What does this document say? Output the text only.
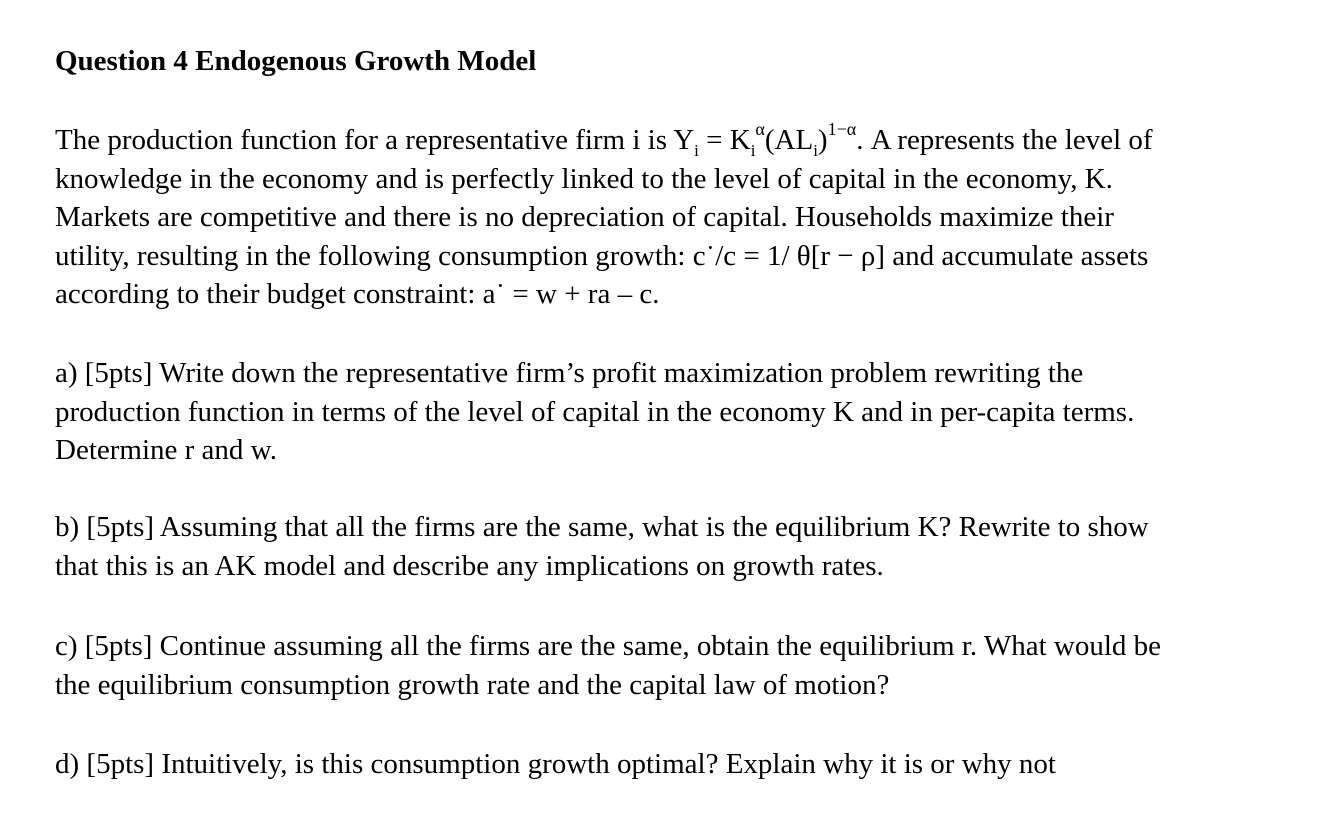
Question 4 Endogenous Growth Model
The production function for a representative firm i is $Y_i = K_i^\alpha(AL_i)^{1-\alpha}$. A represents the level of
knowledge in the economy and is perfectly linked to the level of capital in the economy, K.
Markets are competitive and there is no depreciation of capital. Households maximize their
utility, resulting in the following consumption growth: c˙/c = 1/ θ[r − ρ] and accumulate assets
according to their budget constraint: a˙ = w + ra – c.
a) [5pts] Write down the representative firm’s profit maximization problem rewriting the
production function in terms of the level of capital in the economy K and in per-capita terms.
Determine r and w.
b) [5pts] Assuming that all the firms are the same, what is the equilibrium K? Rewrite to show
that this is an AK model and describe any implications on growth rates.
c) [5pts] Continue assuming all the firms are the same, obtain the equilibrium r. What would be
the equilibrium consumption growth rate and the capital law of motion?
d) [5pts] Intuitively, is this consumption growth optimal? Explain why it is or why not
